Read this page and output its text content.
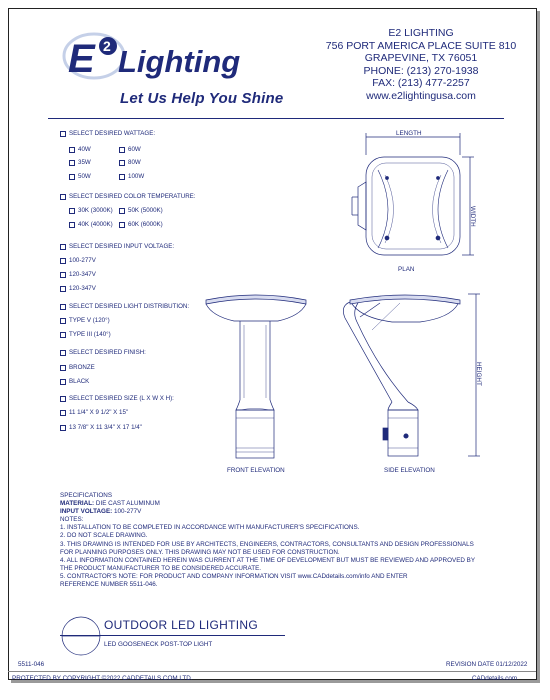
E 2 Lighting
Let Us Help You Shine
E2 LIGHTING
756 PORT AMERICA PLACE SUITE 810
GRAPEVINE, TX 76051
PHONE: (213) 270-1938
FAX: (213) 477-2257
www.e2lightingusa.com
SELECT DESIRED WATTAGE:
40W	60W
35W	80W
50W	100W
SELECT DESIRED COLOR TEMPERATURE:
30K (3000K) 50K (5000K)
40K (4000K) 60K (6000K)
SELECT DESIRED INPUT VOLTAGE:
100-277V
120-347V
120-347V
SELECT DESIRED LIGHT DISTRIBUTION:
TYPE V (120°)
TYPE III (140°)
SELECT DESIRED FINISH:
BRONZE
BLACK
SELECT DESIRED SIZE (L X W X H):
11 1/4" X 9 1/2" X 15"
13 7/8" X 11 3/4" X 17 1/4"
LENGTH
WIDTH
PLAN
HEIGHT
FRONT ELEVATION	SIDE ELEVATION
SPECIFICATIONS
MATERIAL: DIE CAST ALUMINUM
INPUT VOLTAGE: 100-277V
NOTES:
1. INSTALLATION TO BE COMPLETED IN ACCORDANCE WITH MANUFACTURER'S SPECIFICATIONS.
2. DO NOT SCALE DRAWING.
3. THIS DRAWING IS INTENDED FOR USE BY ARCHITECTS, ENGINEERS, CONTRACTORS, CONSULTANTS AND DESIGN PROFESSIONALS
FOR PLANNING PURPOSES ONLY. THIS DRAWING MAY NOT BE USED FOR CONSTRUCTION.
4. ALL INFORMATION CONTAINED HEREIN WAS CURRENT AT THE TIME OF DEVELOPMENT BUT MUST BE REVIEWED AND APPROVED BY
THE PRODUCT MANUFACTURER TO BE CONSIDERED ACCURATE.
5. CONTRACTOR'S NOTE: FOR PRODUCT AND COMPANY INFORMATION VISIT www.CADdetails.com/info AND ENTER
REFERENCE NUMBER 5511-046.
OUTDOOR LED LIGHTING
LED GOOSENECK POST-TOP LIGHT
5511-046	REVISION DATE 01/12/2022
PROTECTED BY COPYRIGHT ©2022 CADDETAILS.COM LTD.	CADdetails.com
